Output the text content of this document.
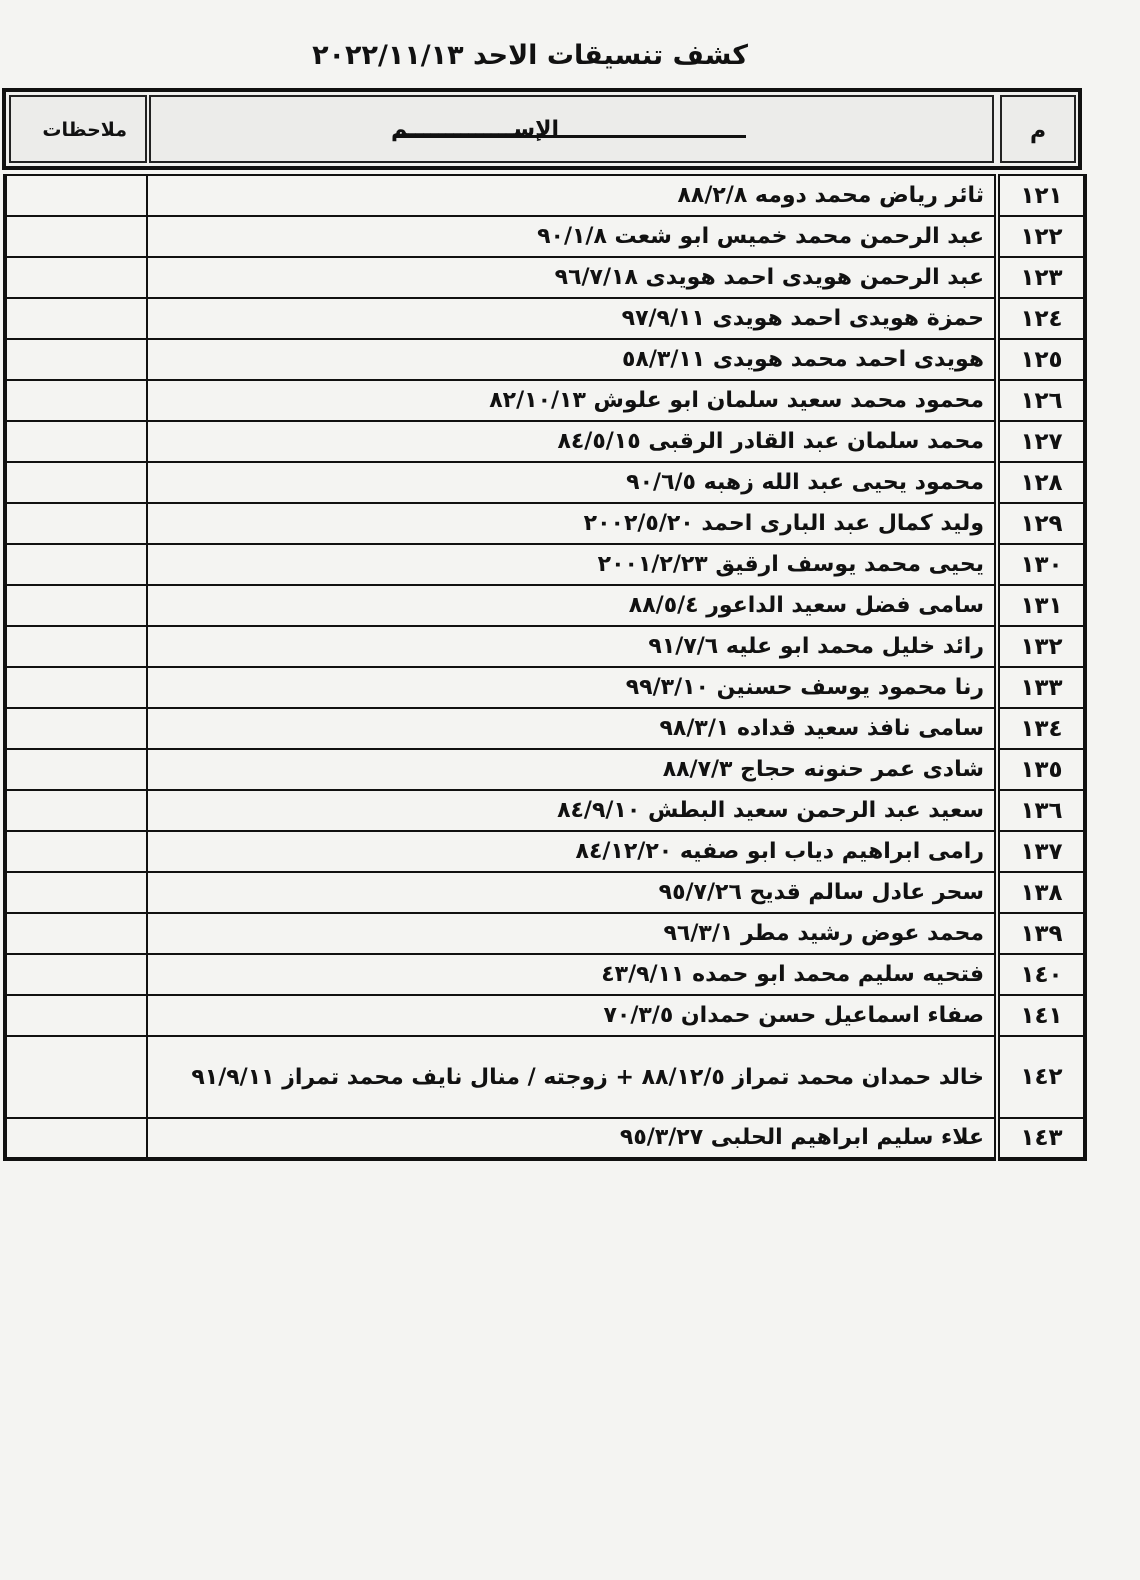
كشف تنسيقات الاحد ٢٠٢٢/١١/١٣
ملاحظات	الإســــــــــــــم	م
	ثائر رياض محمد دومه ٨٨/٢/٨	١٢١
	عبد الرحمن محمد خميس ابو شعت ٩٠/١/٨	١٢٢
	عبد الرحمن هويدى احمد هويدى ٩٦/٧/١٨	١٢٣
	حمزة هويدى احمد هويدى ٩٧/٩/١١	١٢٤
	هويدى احمد محمد هويدى ٥٨/٣/١١	١٢٥
	محمود محمد سعيد سلمان ابو علوش ٨٢/١٠/١٣	١٢٦
	محمد سلمان عبد القادر الرقبى ٨٤/٥/١٥	١٢٧
	محمود يحيى عبد الله زهبه ٩٠/٦/٥	١٢٨
	وليد كمال عبد البارى احمد ٢٠٠٢/٥/٢٠	١٢٩
	يحيى محمد يوسف ارقيق ٢٠٠١/٢/٢٣	١٣٠
	سامى فضل سعيد الداعور ٨٨/٥/٤	١٣١
	رائد خليل محمد ابو عليه ٩١/٧/٦	١٣٢
	رنا محمود يوسف حسنين ٩٩/٣/١٠	١٣٣
	سامى نافذ سعيد قداده ٩٨/٣/١	١٣٤
	شادى عمر حنونه حجاج ٨٨/٧/٣	١٣٥
	سعيد عبد الرحمن سعيد البطش ٨٤/٩/١٠	١٣٦
	رامى ابراهيم دياب ابو صفيه ٨٤/١٢/٢٠	١٣٧
	سحر عادل سالم قديح ٩٥/٧/٢٦	١٣٨
	محمد عوض رشيد مطر ٩٦/٣/١	١٣٩
	فتحيه سليم محمد ابو حمده ٤٣/٩/١١	١٤٠
	صفاء اسماعيل حسن حمدان ٧٠/٣/٥	١٤١
	خالد حمدان محمد تمراز ٨٨/١٢/٥ + زوجته / منال نايف محمد تمراز ٩١/٩/١١	١٤٢
	علاء سليم ابراهيم الحلبى ٩٥/٣/٢٧	١٤٣
